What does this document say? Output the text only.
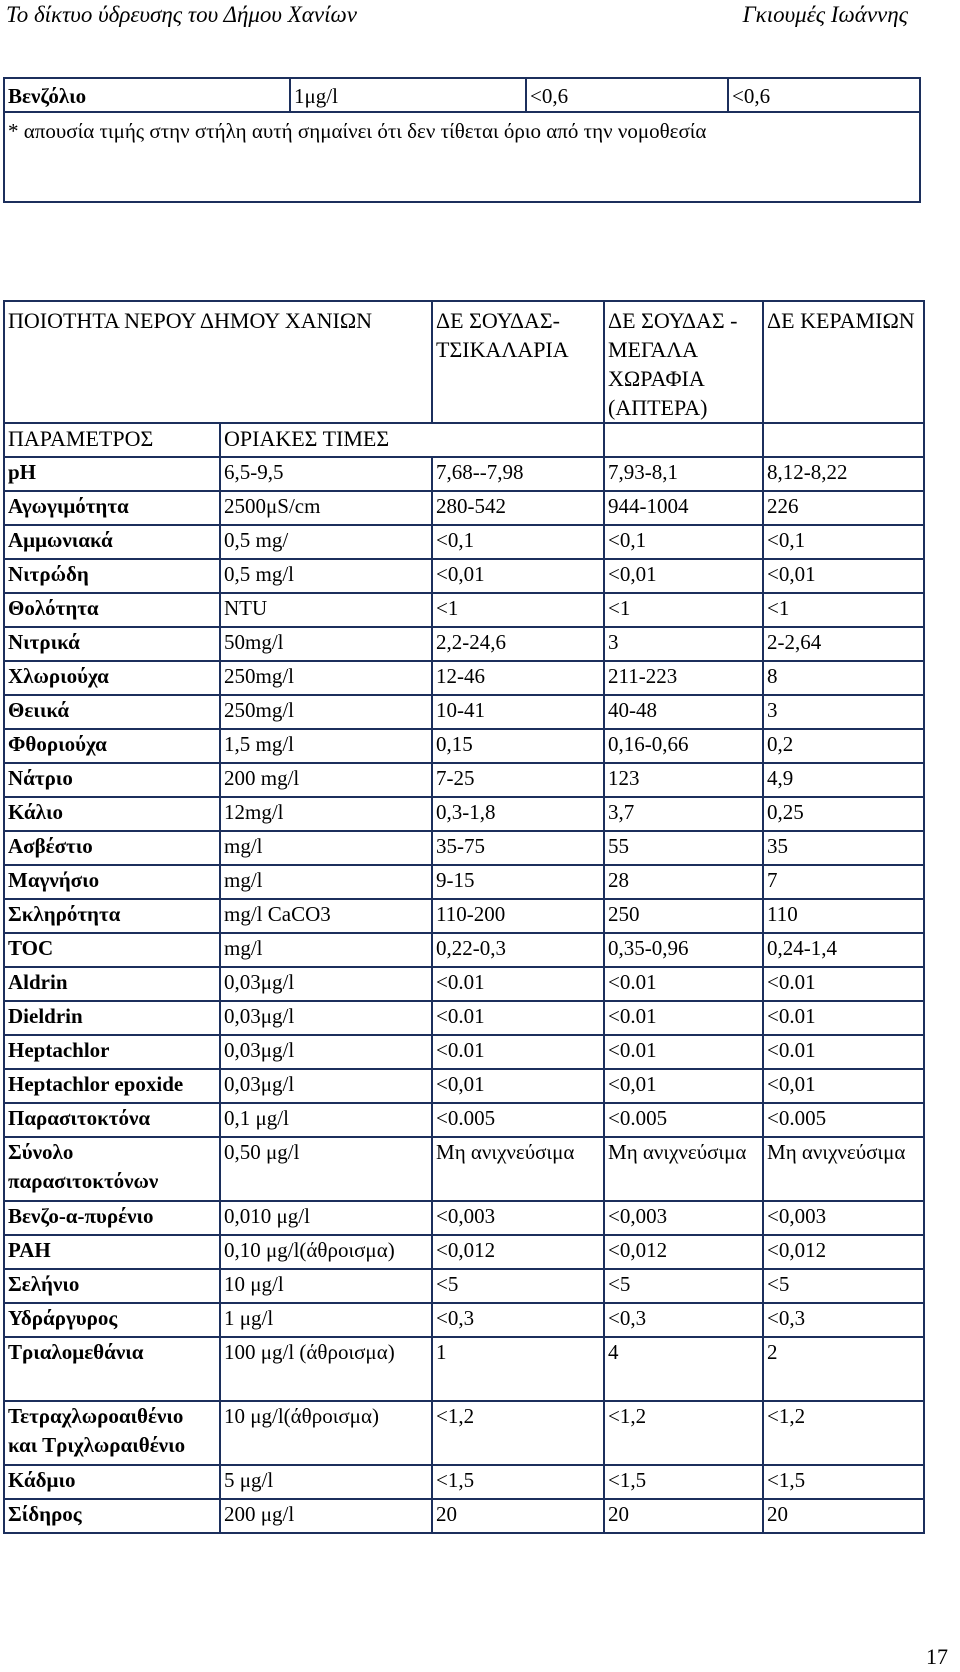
Το δίκτυο ύδρευσης του Δήμου Χανίων	Γκιουμές Ιωάννης
Βενζόλιο	1μg/l	<0,6	<0,6
* απουσία τιμής στην στήλη αυτή σημαίνει ότι δεν τίθεται όριο από την νομοθεσία
ΠΟΙΟΤΗΤΑ ΝΕΡΟΥ ΔΗΜΟΥ ΧΑΝΙΩΝ		ΔΕ ΣΟΥΔΑΣ-ΤΣΙΚΑΛΑΡΙΑ	ΔΕ ΣΟΥΔΑΣ - ΜΕΓΑΛΑ ΧΩΡΑΦΙΑ (ΑΠΤΕΡΑ)	ΔΕ ΚΕΡΑΜΙΩΝ
ΠΑΡΑΜΕΤΡΟΣ	ΟΡΙΑΚΕΣ ΤΙΜΕΣ			
pH	6,5-9,5	7,68--7,98	7,93-8,1	8,12-8,22
Αγωγιμότητα	2500μS/cm	280-542	944-1004	226
Αμμωνιακά	0,5 mg/	<0,1	<0,1	<0,1
Νιτρώδη	0,5 mg/l	<0,01	<0,01	<0,01
Θολότητα	NTU	<1	<1	<1
Νιτρικά	50mg/l	2,2-24,6	3	2-2,64
Χλωριούχα	250mg/l	12-46	211-223	8
Θειικά	250mg/l	10-41	40-48	3
Φθοριούχα	1,5 mg/l	0,15	0,16-0,66	0,2
Νάτριο	200 mg/l	7-25	123	4,9
Κάλιο	12mg/l	0,3-1,8	3,7	0,25
Ασβέστιο	mg/l	35-75	55	35
Μαγνήσιο	mg/l	9-15	28	7
Σκληρότητα	mg/l CaCO3	110-200	250	110
TOC	mg/l	0,22-0,3	0,35-0,96	0,24-1,4
Aldrin	0,03μg/l	<0.01	<0.01	<0.01
Dieldrin	0,03μg/l	<0.01	<0.01	<0.01
Heptachlor	0,03μg/l	<0.01	<0.01	<0.01
Heptachlor epoxide	0,03μg/l	<0,01	<0,01	<0,01
Παρασιτοκτόνα	0,1 μg/l	<0.005	<0.005	<0.005
Σύνολο παρασιτοκτόνων	0,50 μg/l	Μη ανιχνεύσιμα	Μη ανιχνεύσιμα	Μη ανιχνεύσιμα
Βενζο-α-πυρένιο	0,010 μg/l	<0,003	<0,003	<0,003
PAH	0,10 μg/l(άθροισμα)	<0,012	<0,012	<0,012
Σελήνιο	10 μg/l	<5	<5	<5
Υδράργυρος	1 μg/l	<0,3	<0,3	<0,3
Τριαλομεθάνια	100 μg/l (άθροισμα)	1	4	2
Τετραχλωροαιθένιο και Τριχλωραιθένιο	10 μg/l(άθροισμα)	<1,2	<1,2	<1,2
Κάδμιο	5 μg/l	<1,5	<1,5	<1,5
Σίδηρος	200 μg/l	20	20	20
17
